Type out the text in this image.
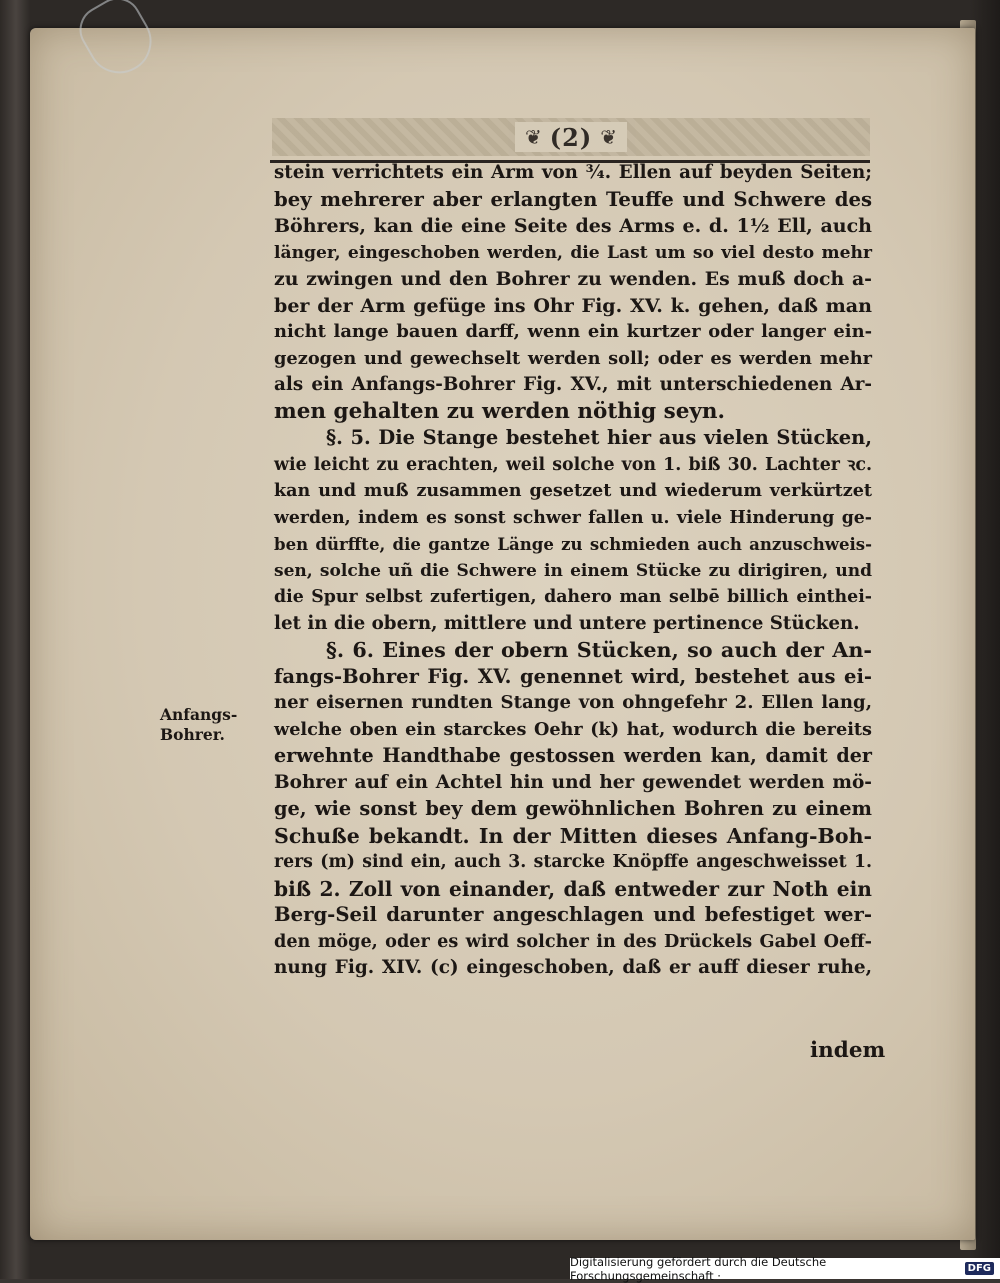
❦ (2) ❦
Anfangs-
Bohrer.
stein verrichtets ein Arm von ¾. Ellen auf beyden Seiten;
bey mehrerer aber erlangten Teuffe und Schwere des
Böhrers, kan die eine Seite des Arms e. d. 1½ Ell, auch
länger, eingeschoben werden, die Last um so viel desto mehr
zu zwingen und den Bohrer zu wenden. Es muß doch a-
ber der Arm gefüge ins Ohr Fig. XV. k. gehen, daß man
nicht lange bauen darff, wenn ein kurtzer oder langer ein-
gezogen und gewechselt werden soll; oder es werden mehr
als ein Anfangs-Bohrer Fig. XV., mit unterschiedenen Ar-
men gehalten zu werden nöthig seyn.
§. 5. Die Stange bestehet hier aus vielen Stücken,
wie leicht zu erachten, weil solche von 1. biß 30. Lachter ꝛc.
kan und muß zusammen gesetzet und wiederum verkürtzet
werden, indem es sonst schwer fallen u. viele Hinderung ge-
ben dürffte, die gantze Länge zu schmieden auch anzuschweis-
sen, solche uñ die Schwere in einem Stücke zu dirigiren, und
die Spur selbst zufertigen, dahero man selbē billich einthei-
let in die obern, mittlere und untere pertinence Stücken.
§. 6. Eines der obern Stücken, so auch der An-
fangs-Bohrer Fig. XV. genennet wird, bestehet aus ei-
ner eisernen rundten Stange von ohngefehr 2. Ellen lang,
welche oben ein starckes Oehr (k) hat, wodurch die bereits
erwehnte Handthabe gestossen werden kan, damit der
Bohrer auf ein Achtel hin und her gewendet werden mö-
ge, wie sonst bey dem gewöhnlichen Bohren zu einem
Schuße bekandt. In der Mitten dieses Anfang-Boh-
rers (m) sind ein, auch 3. starcke Knöpffe angeschweisset 1.
biß 2. Zoll von einander, daß entweder zur Noth ein
Berg-Seil darunter angeschlagen und befestiget wer-
den möge, oder es wird solcher in des Drückels Gabel Oeff-
nung Fig. XIV. (c) eingeschoben, daß er auff dieser ruhe,
indem
Digitalisierung gefördert durch die Deutsche Forschungsgemeinschaft ·	DFG
